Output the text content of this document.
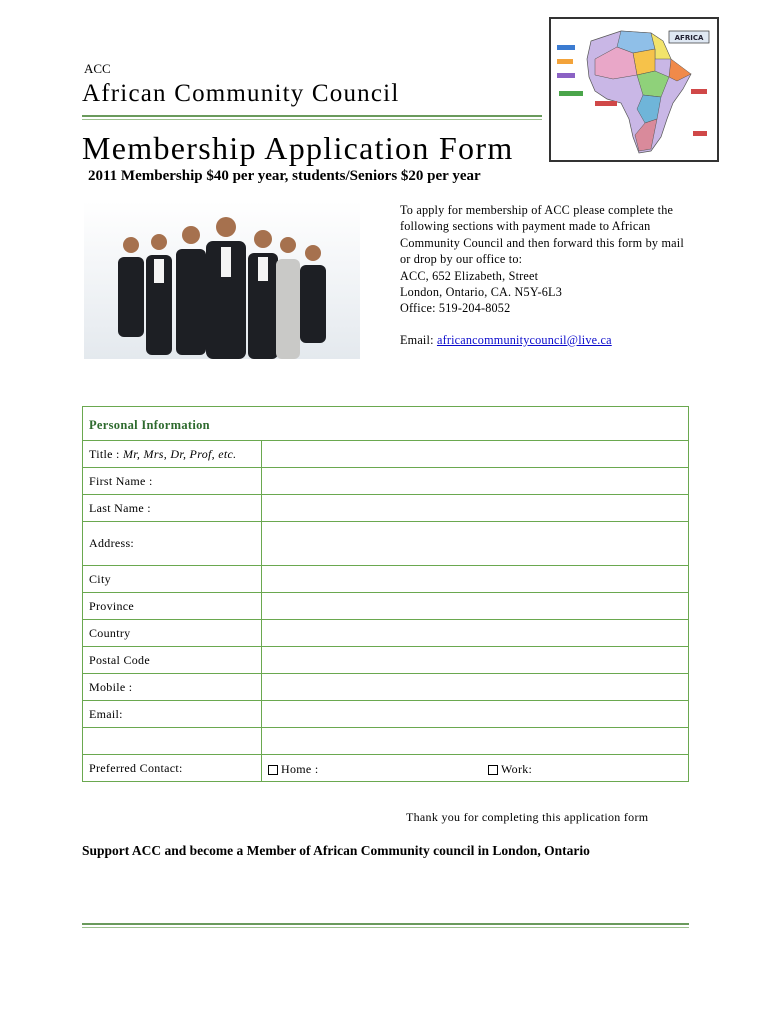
ACC
African Community Council
AFRICA
Membership Application Form
2011 Membership $40 per year, students/Seniors $20 per year

To apply for membership of ACC please complete the following sections with payment made to African Community Council and then forward this form by mail or drop by our office to:

ACC, 652 Elizabeth, Street

London, Ontario, CA. N5Y-6L3

Office: 519-204-8052

Email: africancommunitycouncil@live.ca

Personal Information	
Title : Mr, Mrs, Dr, Prof, etc.	
First Name :	
Last Name :	
Address:	
City	
Province	
Country	
Postal Code	
Mobile :	
Email:	

Preferred Contact:	Home : Work:
Thank you for completing this application form
Support ACC and become a Member of African Community council in London, Ontario
